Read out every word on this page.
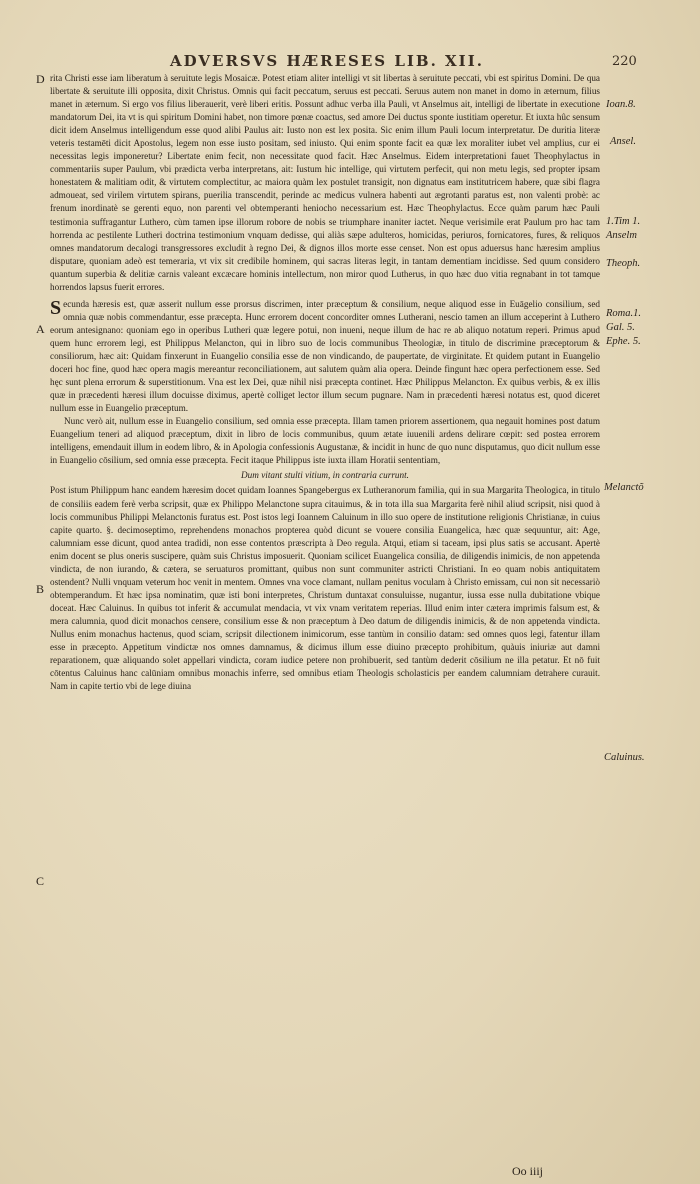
ADVERSVS HÆRESES LIB. XII.	220
D
A
B
C
Ioan.8.
Ansel.
1.Tim 1.
Anselm
Theoph.
Roma.1.
Gal. 5.
Ephe. 5.
Melanctõ
Caluinus.

rita Christi esse iam liberatum à seruitute legis Mosaicæ. Potest etiam aliter intelligi vt sit libertas à seruitute peccati, vbi est spiritus Domini. De qua libertate & seruitute illi opposita, dixit Christus. Omnis qui facit peccatum, seruus est peccati. Seruus autem non manet in domo in æternum, filius manet in æternum. Si ergo vos filius liberauerit, verè liberi eritis. Possunt adhuc verba illa Pauli, vt Anselmus ait, intelligi de libertate in executione mandatorum Dei, ita vt is qui spiritum Domini habet, non timore pœnæ coactus, sed amore Dei ductus sponte iustitiam operetur. Et iuxta hûc sensum dicit idem Anselmus intelligendum esse quod alibi Paulus ait: Iusto non est lex posita. Sic enim illum Pauli locum interpretatur. De duritia literæ veteris testamēti dicit Apostolus, legem non esse iusto positam, sed iniusto. Qui enim sponte facit ea quæ lex moraliter iubet vel amplius, cur ei necessitas legis imponeretur? Libertate enim fecit, non necessitate quod facit. Hæc Anselmus. Eidem interpretationi fauet Theophylactus in commentariis super Paulum, vbi prædicta verba interpretans, ait: Iustum hic intellige, qui virtutem perfecit, qui non metu legis, sed propter ipsam honestatem & malitiam odit, & virtutem complectitur, ac maiora quàm lex postulet transigit, non dignatus eam institutricem habere, quæ sibi flagra admoueat, sed virilem virtutem spirans, puerilia transcendit, perinde ac medicus vulnera habenti aut ægrotanti paratus est, non valenti probè: ac frenum inordinatè se gerenti equo, non parenti vel obtemperanti heniocho necessarium est. Hæc Theophylactus. Ecce quàm parum hæc Pauli testimonia suffragantur Luthero, cùm tamen ipse illorum robore de nobis se triumphare inaniter iactet. Neque verisimile erat Paulum pro hac tam horrenda ac pestilente Lutheri doctrina testimonium vnquam dedisse, qui aliàs sæpe adulteros, homicidas, periuros, fornicatores, fures, & reliquos omnes mandatorum decalogi transgressores excludit à regno Dei, & dignos illos morte esse censet. Non est opus aduersus hanc hæresim amplius disputare, quoniam adeò est temeraria, vt vix sit credibile hominem, qui sacras literas legit, in tantam dementiam incidisse. Sed quum considero quantum superbia & delitiæ carnis valeant excæcare hominis intellectum, non miror quod Lutherus, in quo hæc duo vitia regnabant in tot tamque horrendos lapsus fuerit errores.

Secunda hæresis est, quæ asserit nullum esse prorsus discrimen, inter præceptum & consilium, neque aliquod esse in Euāgelio consilium, sed omnia quæ nobis commendantur, esse præcepta. Hunc errorem docent concorditer omnes Lutherani, nescio tamen an illum acceperint à Luthero eorum antesignano: quoniam ego in operibus Lutheri quæ legere potui, non inueni, neque illum de hac re ab aliquo notatum reperi. Primus apud quem hunc errorem legi, est Philippus Melancton, qui in libro suo de locis communibus Theologiæ, in titulo de discrimine præceptorum & consiliorum, hæc ait: Quidam finxerunt in Euangelio consilia esse de non vindicando, de paupertate, de virginitate. Et quidem putant in Euangelio doceri hoc fine, quod hæc opera magis mereantur reconciliationem, aut salutem quàm alia opera. Deinde fingunt hæc opera perfectionem esse. Sed hęc sunt plena errorum & superstitionum. Vna est lex Dei, quæ nihil nisi præcepta continet. Hæc Philippus Melancton. Ex quibus verbis, & ex illis quæ in præcedenti hæresi illum docuisse diximus, apertè colliget lector illum secum pugnare. Nam in præcedenti hæresi notatus est, quod diceret nullum esse in Euangelio præceptum.

Nunc verò ait, nullum esse in Euangelio consilium, sed omnia esse præcepta. Illam tamen priorem assertionem, qua negauit homines post datum Euangelium teneri ad aliquod præceptum, dixit in libro de locis communibus, quum ætate iuuenili ardens delirare cœpit: sed postea errorem intelligens, emendauit illum in eodem libro, & in Apologia confessionis Augustanæ, & incidit in hunc de quo nunc disputamus, quo dicit nullum esse in Euangelio cōsilium, sed omnia esse præcepta. Fecit itaque Philippus iste iuxta illam Horatii sententiam,

Dum vitant stulti vitium, in contraria currunt.

Post istum Philippum hanc eandem hæresim docet quidam Ioannes Spangebergus ex Lutheranorum familia, qui in sua Margarita Theologica, in titulo de consiliis eadem ferè verba scripsit, quæ ex Philippo Melanctone supra citauimus, & in tota illa sua Margarita ferè nihil aliud scripsit, nisi quod à locis communibus Philippi Melanctonis furatus est. Post istos legi Ioannem Caluinum in illo suo opere de institutione religionis Christianæ, in cuius capite quarto. §. decimoseptimo, reprehendens monachos propterea quòd dicunt se vouere consilia Euangelica, hæc quæ sequuntur, ait: Age, calumniam esse dicunt, quod antea tradidi, non esse contentos præscripta à Deo regula. Atqui, etiam si taceam, ipsi plus satis se accusant. Apertè enim docent se plus oneris suscipere, quàm suis Christus imposuerit. Quoniam scilicet Euangelica consilia, de diligendis inimicis, de non appetenda vindicta, de non iurando, & cætera, se seruaturos promittant, quibus non sunt communiter astricti Christiani. In eo quam nobis antiquitatem ostendent? Nulli vnquam veterum hoc venit in mentem. Omnes vna voce clamant, nullam penitus voculam à Christo emissam, cui non sit necessariò obtemperandum. Et hæc ipsa nominatim, quæ isti boni interpretes, Christum duntaxat consuluisse, nugantur, iussa esse nulla dubitatione vbique doceat. Hæc Caluinus. In quibus tot inferit & accumulat mendacia, vt vix vnam veritatem reperias. Illud enim inter cætera imprimis falsum est, & mera calumnia, quod dicit monachos censere, consilium esse & non præceptum à Deo datum de diligendis inimicis, & de non appetenda vindicta. Nullus enim monachus hactenus, quod sciam, scripsit dilectionem inimicorum, esse tantùm in consilio datam: sed omnes quos legi, fatentur illam esse in præcepto. Appetitum vindictæ nos omnes damnamus, & dicimus illum esse diuino præcepto prohibitum, quàuis iniuriæ aut damni reparationem, quæ aliquando solet appellari vindicta, coram iudice petere non prohibuerit, sed tantùm dederit cōsilium ne illa petatur. Et nō fuit cōtentus Caluinus hanc calūniam omnibus monachis inferre, sed omnibus etiam Theologis scholasticis per eandem calumniam detrahere curauit. Nam in capite tertio vbi de lege diuina

Oo iiij
